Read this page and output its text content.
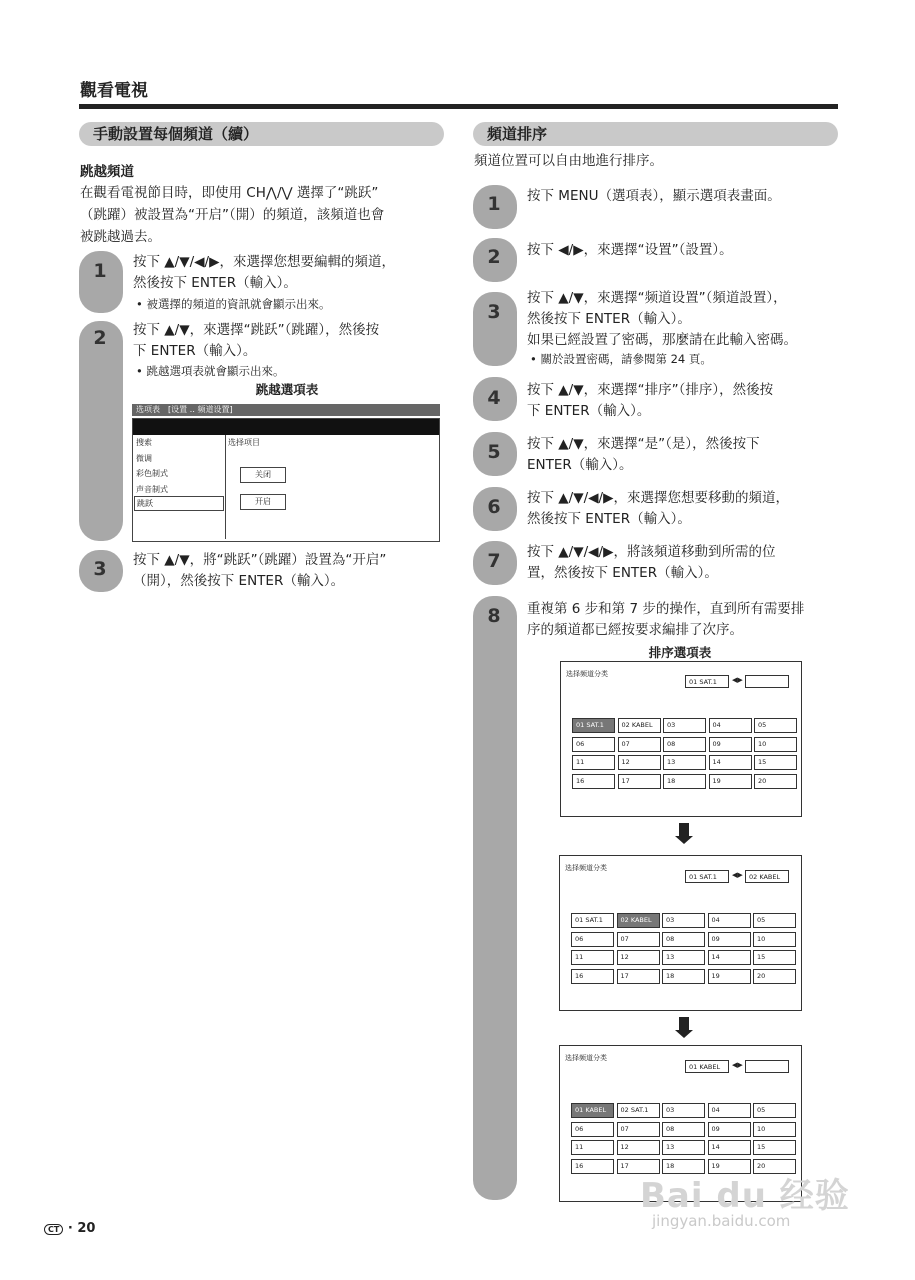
觀看電視
手動設置每個頻道（續）
跳越頻道
在觀看電視節目時，即使用 CH⋀/⋁ 選擇了“跳跃”
（跳躍）被設置為“开启”（開）的頻道，該頻道也會
被跳越過去。
1	按下 ▲/▼/◀/▶，來選擇您想要編輯的頻道，
然後按下 ENTER（輸入）。
• 被選擇的頻道的資訊就會顯示出來。
2	按下 ▲/▼，來選擇“跳跃”（跳躍），然後按
下 ENTER（輸入）。
• 跳越選項表就會顯示出來。
跳越選項表
选项表　[设置 ‥ 频道设置]
搜索
微调
彩色制式
声音制式
跳跃
选择项目
关闭
开启
3	按下 ▲/▼，將“跳跃”（跳躍）設置為“开启”
（開），然後按下 ENTER（輸入）。
頻道排序
頻道位置可以自由地進行排序。
1	按下 MENU（選項表），顯示選項表畫面。
2	按下 ◀/▶，來選擇“设置”（設置）。
3
按下 ▲/▼，來選擇“频道设置”（頻道設置），
然後按下 ENTER（輸入）。
如果已經設置了密碼，那麼請在此輸入密碼。
• 關於設置密碼，請參閱第 24 頁。
4	按下 ▲/▼，來選擇“排序”（排序），然後按
下 ENTER（輸入）。
5	按下 ▲/▼，來選擇“是”（是），然後按下
ENTER（輸入）。
6	按下 ▲/▼/◀/▶，來選擇您想要移動的頻道，
然後按下 ENTER（輸入）。
7	按下 ▲/▼/◀/▶，將該頻道移動到所需的位
置，然後按下 ENTER（輸入）。
8	重複第 6 步和第 7 步的操作，直到所有需要排
序的頻道都已經按要求編排了次序。
排序選項表
选择频道分类
01 SAT.1	◀▶
01 SAT.1	02 KABEL	03	04	05
06	07	08	09	10
11	12	13	14	15
16	17	18	19	20
选择频道分类
01 SAT.1	◀▶ 02 KABEL
01 SAT.1	02 KABEL	03	04	05
06	07	08	09	10
11	12	13	14	15
16	17	18	19	20
选择频道分类
01 KABEL	◀▶
01 KABEL	02 SAT.1	03	04	05
06	07	08	09	10
11	12	13	14	15
16	17	18	19	20
CT · 20
Bai du 经验
jingyan.baidu.com
